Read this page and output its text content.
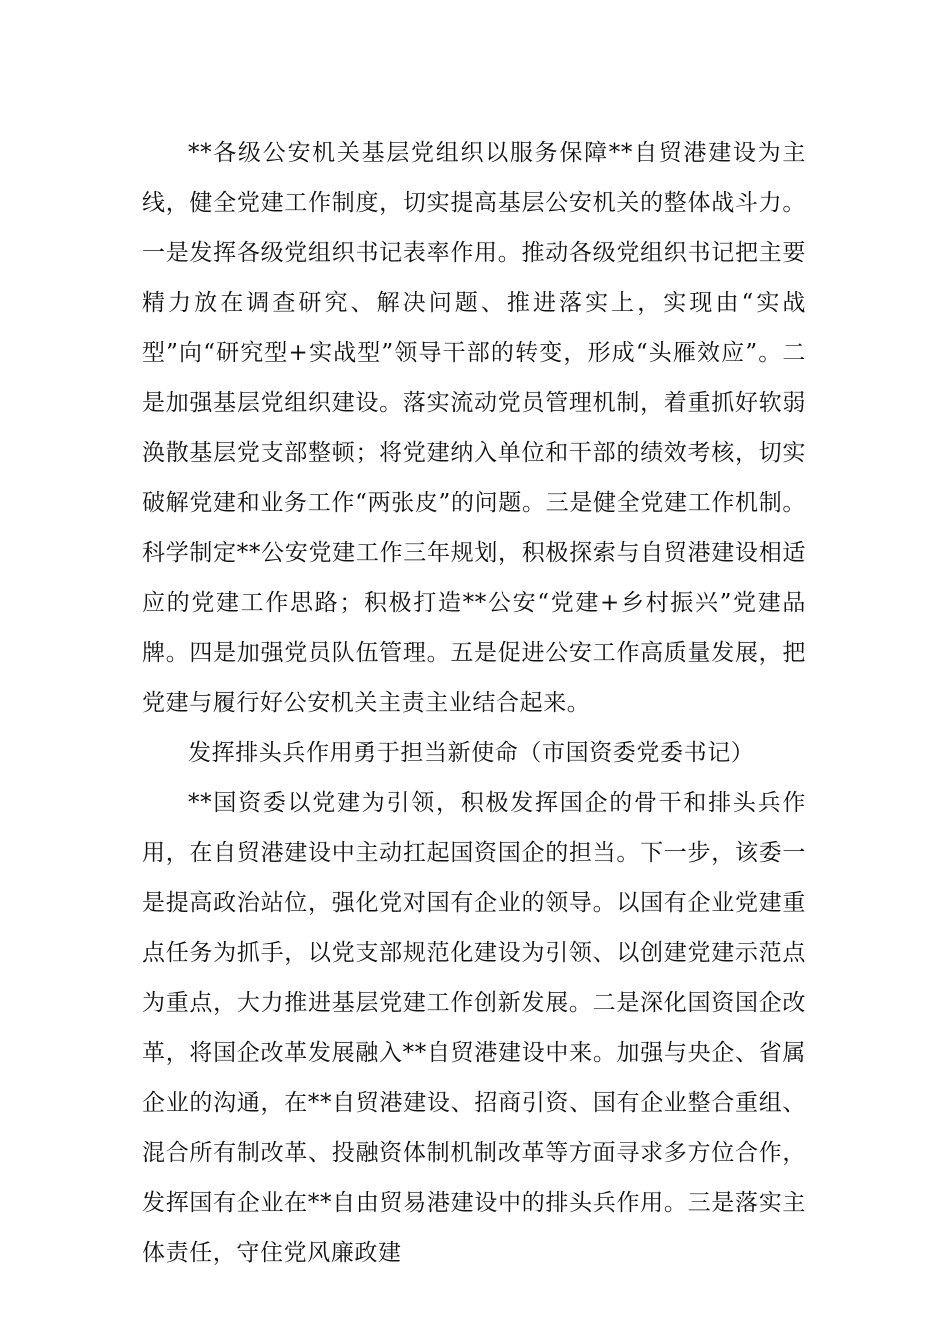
**各级公安机关基层党组织以服务保障**自贸港建设为主线，健全党建工作制度，切实提高基层公安机关的整体战斗力。一是发挥各级党组织书记表率作用。推动各级党组织书记把主要精力放在调查研究、解决问题、推进落实上，实现由“实战型”向“研究型+实战型”领导干部的转变，形成“头雁效应”。二是加强基层党组织建设。落实流动党员管理机制，着重抓好软弱涣散基层党支部整顿；将党建纳入单位和干部的绩效考核，切实破解党建和业务工作“两张皮”的问题。三是健全党建工作机制。科学制定**公安党建工作三年规划，积极探索与自贸港建设相适应的党建工作思路；积极打造**公安“党建+乡村振兴”党建品牌。四是加强党员队伍管理。五是促进公安工作高质量发展，把党建与履行好公安机关主责主业结合起来。

发挥排头兵作用勇于担当新使命（市国资委党委书记）

**国资委以党建为引领，积极发挥国企的骨干和排头兵作用，在自贸港建设中主动扛起国资国企的担当。下一步，该委一是提高政治站位，强化党对国有企业的领导。以国有企业党建重点任务为抓手，以党支部规范化建设为引领、以创建党建示范点为重点，大力推进基层党建工作创新发展。二是深化国资国企改革，将国企改革发展融入**自贸港建设中来。加强与央企、省属企业的沟通，在**自贸港建设、招商引资、国有企业整合重组、混合所有制改革、投融资体制机制改革等方面寻求多方位合作，发挥国有企业在**自由贸易港建设中的排头兵作用。三是落实主体责任，守住党风廉政建
